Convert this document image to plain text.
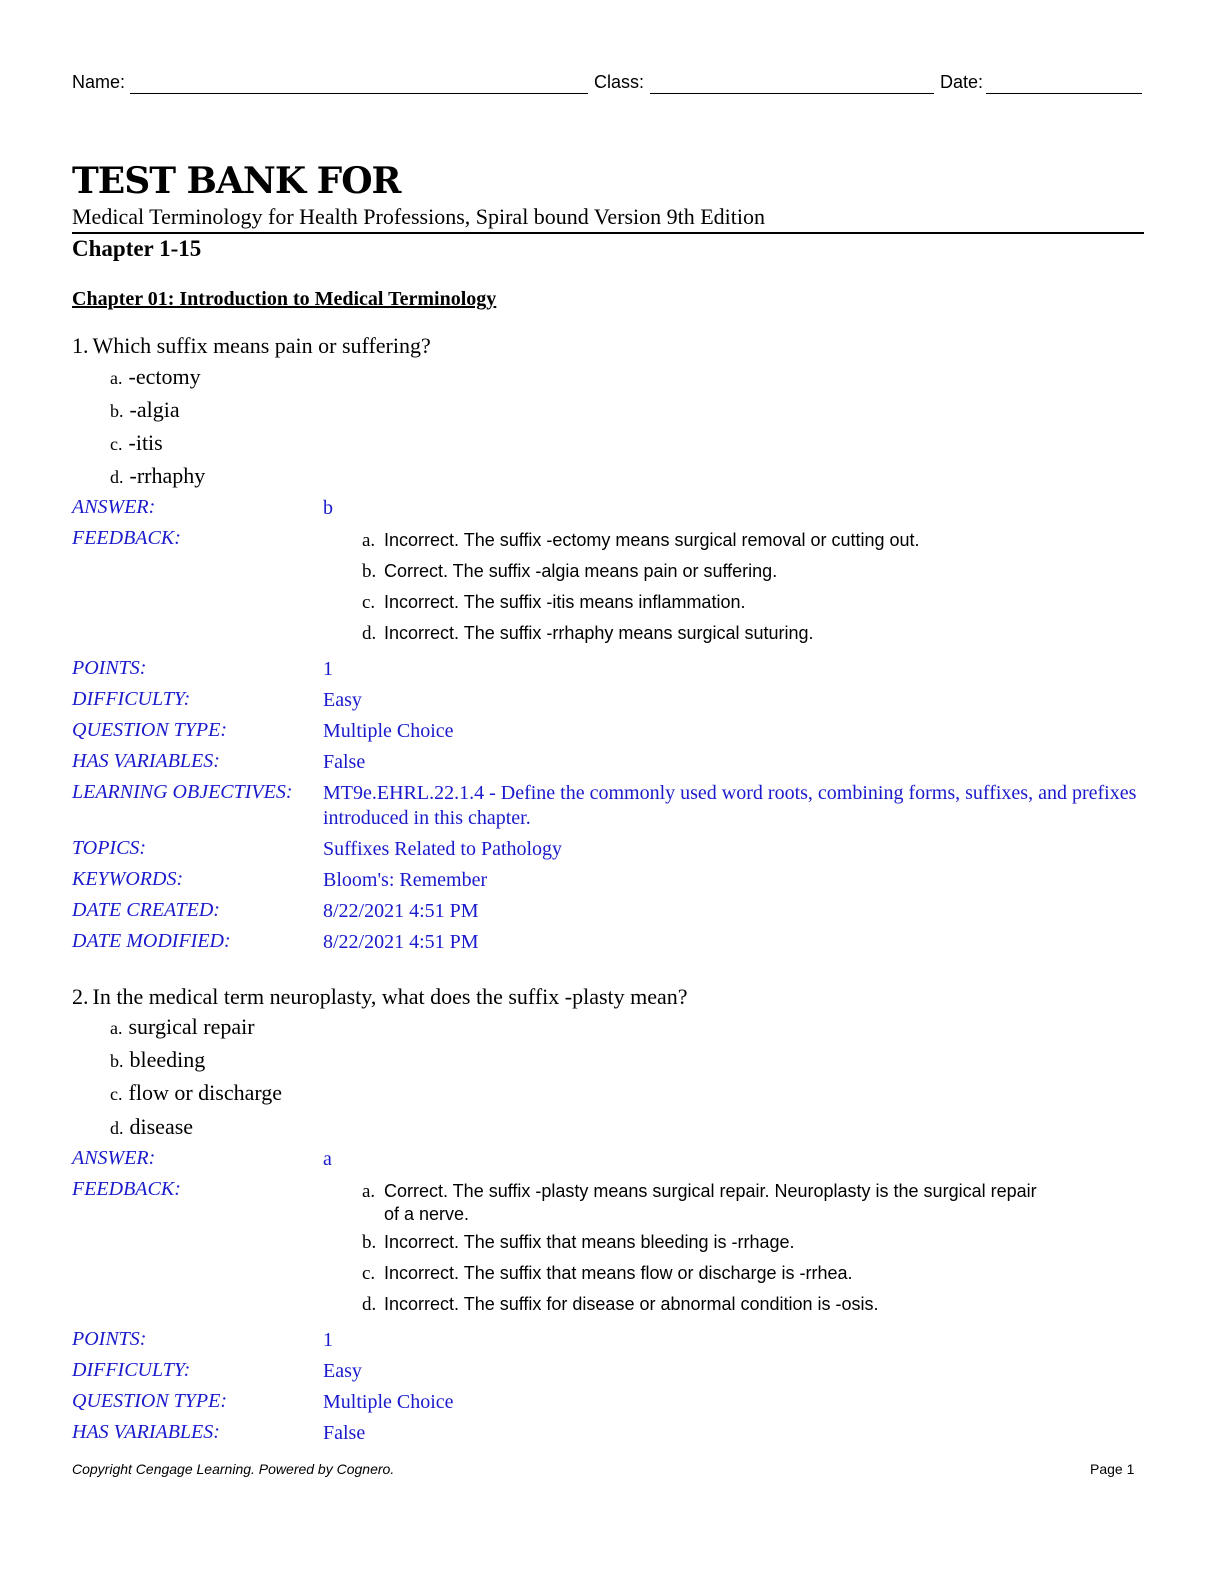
Name:	Class:	Date:
TEST BANK FOR
Medical Terminology for Health Professions, Spiral bound Version 9th Edition
Chapter 1-15
Chapter 01: Introduction to Medical Terminology
1. Which suffix means pain or suffering?
a. -ectomy
b. -algia
c. -itis
d. -rrhaphy
ANSWER:	b
FEEDBACK:	a. Incorrect. The suffix -ectomy means surgical removal or cutting out.
b. Correct. The suffix -algia means pain or suffering.
c. Incorrect. The suffix -itis means inflammation.
d. Incorrect. The suffix -rrhaphy means surgical suturing.
POINTS:	1
DIFFICULTY:	Easy
QUESTION TYPE:	Multiple Choice
HAS VARIABLES:	False
LEARNING OBJECTIVES: MT9e.EHRL.22.1.4 - Define the commonly used word roots, combining forms, suffixes, and prefixes introduced in this chapter.
TOPICS:	Suffixes Related to Pathology
KEYWORDS:	Bloom's: Remember
DATE CREATED:	8/22/2021 4:51 PM
DATE MODIFIED:	8/22/2021 4:51 PM
2. In the medical term neuroplasty, what does the suffix -plasty mean?
a. surgical repair
b. bleeding
c. flow or discharge
d. disease
ANSWER:	a
FEEDBACK:	a. Correct. The suffix -plasty means surgical repair. Neuroplasty is the surgical repair of a nerve.
b. Incorrect. The suffix that means bleeding is -rrhage.
c. Incorrect. The suffix that means flow or discharge is -rrhea.
d. Incorrect. The suffix for disease or abnormal condition is -osis.
POINTS:	1
DIFFICULTY:	Easy
QUESTION TYPE:	Multiple Choice
HAS VARIABLES:	False
Copyright Cengage Learning. Powered by Cognero.	Page 1
